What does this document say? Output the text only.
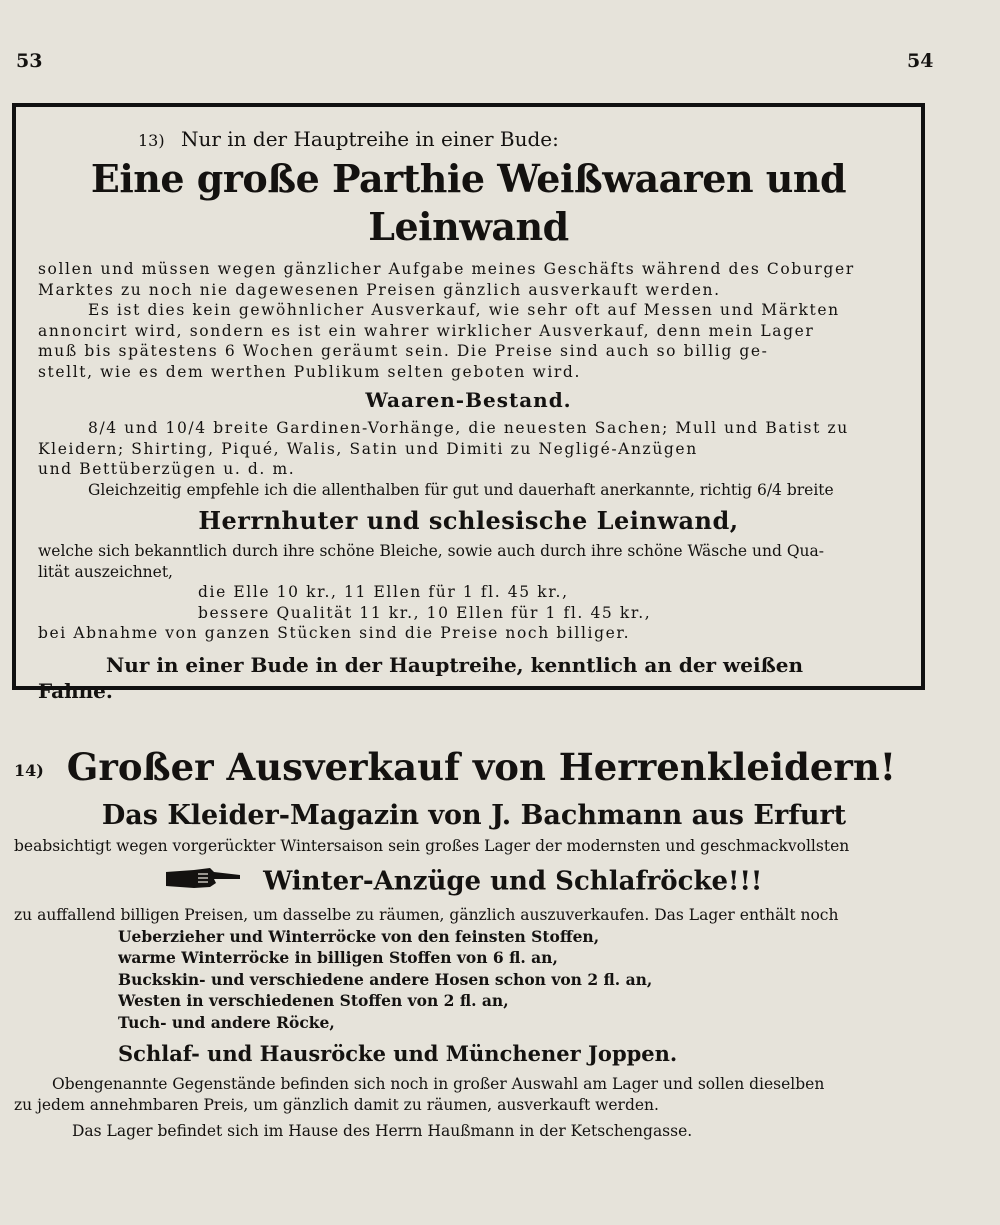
53	54
13) Nur in der Hauptreihe in einer Bude:
Eine große Parthie Weißwaaren und Leinwand
sollen und müssen wegen gänzlicher Aufgabe meines Geschäfts während des Coburger
Marktes zu noch nie dagewesenen Preisen gänzlich ausverkauft werden.
Es ist dies kein gewöhnlicher Ausverkauf, wie sehr oft auf Messen und Märkten
annoncirt wird, sondern es ist ein wahrer wirklicher Ausverkauf, denn mein Lager
muß bis spätestens 6 Wochen geräumt sein. Die Preise sind auch so billig ge-
stellt, wie es dem werthen Publikum selten geboten wird.
Waaren-Bestand.
8/4 und 10/4 breite Gardinen-Vorhänge, die neuesten Sachen; Mull und Batist zu
Kleidern; Shirting, Piqué, Walis, Satin und Dimiti zu Negligé-Anzügen
und Bettüberzügen u. d. m.
Gleichzeitig empfehle ich die allenthalben für gut und dauerhaft anerkannte, richtig 6/4 breite
Herrnhuter und schlesische Leinwand,
welche sich bekanntlich durch ihre schöne Bleiche, sowie auch durch ihre schöne Wäsche und Qua-
lität auszeichnet,
die Elle 10 kr., 11 Ellen für 1 fl. 45 kr.,
bessere Qualität 11 kr., 10 Ellen für 1 fl. 45 kr.,
bei Abnahme von ganzen Stücken sind die Preise noch billiger.
Nur in einer Bude in der Hauptreihe, kenntlich an der weißen
Fahne.
14) Großer Ausverkauf von Herrenkleidern!
Das Kleider-Magazin von J. Bachmann aus Erfurt
beabsichtigt wegen vorgerückter Wintersaison sein großes Lager der modernsten und geschmackvollsten
Winter-Anzüge und Schlafröcke!!!
zu auffallend billigen Preisen, um dasselbe zu räumen, gänzlich auszuverkaufen. Das Lager enthält noch
Ueberzieher und Winterröcke von den feinsten Stoffen,
warme Winterröcke in billigen Stoffen von 6 fl. an,
Buckskin- und verschiedene andere Hosen schon von 2 fl. an,
Westen in verschiedenen Stoffen von 2 fl. an,
Tuch- und andere Röcke,
Schlaf- und Hausröcke und Münchener Joppen.
Obengenannte Gegenstände befinden sich noch in großer Auswahl am Lager und sollen dieselben
zu jedem annehmbaren Preis, um gänzlich damit zu räumen, ausverkauft werden.
Das Lager befindet sich im Hause des Herrn Haußmann in der Ketschengasse.
